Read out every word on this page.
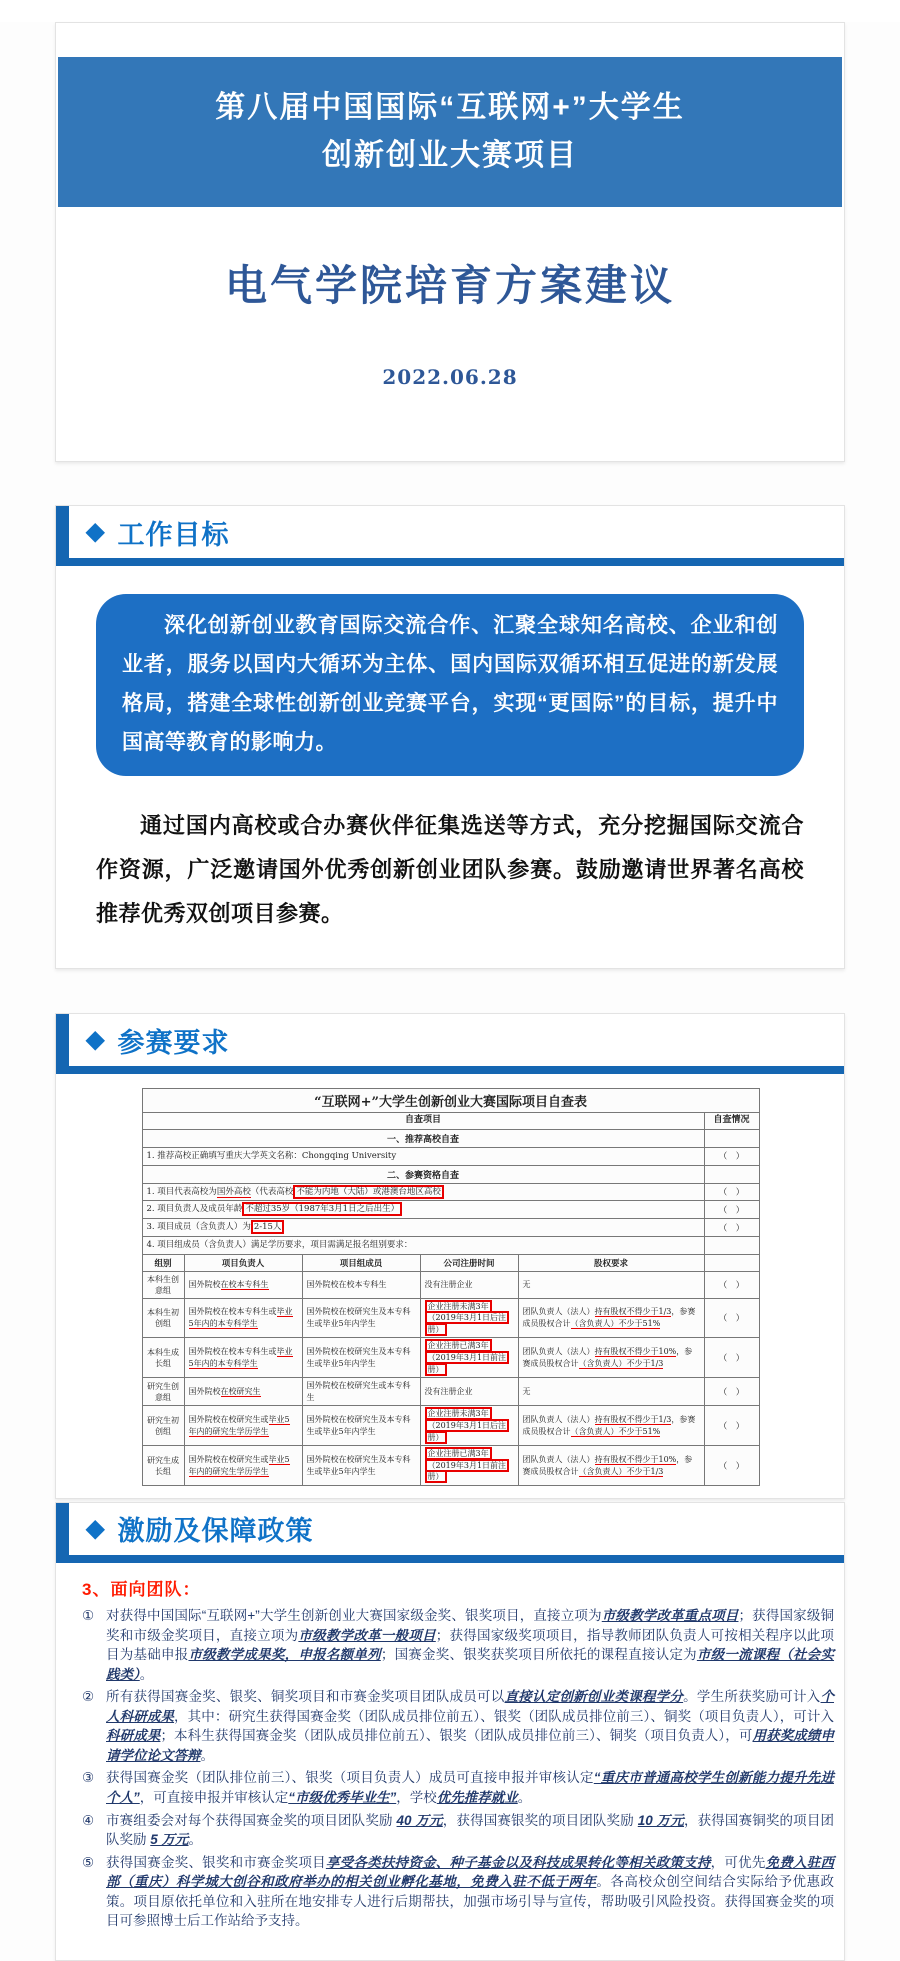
第八届中国国际“互联网+”大学生
创新创业大赛项目
电气学院培育方案建议
2022.06.28
◆ 工作目标

深化创新创业教育国际交流合作、汇聚全球知名高校、企业和创业者，服务以国内大循环为主体、国内国际双循环相互促进的新发展格局，搭建全球性创新创业竞赛平台，实现“更国际”的目标，提升中国高等教育的影响力。

通过国内高校或合办赛伙伴征集选送等方式，充分挖掘国际交流合作资源，广泛邀请国外优秀创新创业团队参赛。鼓励邀请世界著名高校推荐优秀双创项目参赛。

◆ 参赛要求
“互联网+”大学生创新创业大赛国际项目自查表					
自查项目					自查情况
一、推荐高校自查					
1. 推荐高校正确填写重庆大学英文名称：Chongqing University					（　）
二、参赛资格自查					
1. 项目代表高校为国外高校（代表高校 不能为内地（大陆）或港澳台地区高校					（　）
2. 项目负责人及成员年龄 不超过35岁（1987年3月1日之后出生）					（　）
3. 项目成员（含负责人）为 2-15人					（　）
4. 项目组成员（含负责人）满足学历要求，项目需满足报名组别要求：					
组别	项目负责人	项目组成员	公司注册时间	股权要求	
本科生创意组	国外院校在校本专科生	国外院校在校本专科生	没有注册企业	无	（　）
本科生初创组	国外院校在校本专科生或毕业5年内的本专科学生	国外院校在校研究生及本专科生或毕业5年内学生	企业注册未满3年（2019年3月1日后注册）	团队负责人（法人）持有股权不得少于1/3，参赛成员股权合计（含负责人）不少于51%	（　）
本科生成长组	国外院校在校本专科生或毕业5年内的本专科学生	国外院校在校研究生及本专科生或毕业5年内学生	企业注册已满3年（2019年3月1日前注册）	团队负责人（法人）持有股权不得少于10%，参赛成员股权合计（含负责人）不少于1/3	（　）
研究生创意组	国外院校在校研究生	国外院校在校研究生或本专科生	没有注册企业	无	（　）
研究生初创组	国外院校在校研究生或毕业5年内的研究生学历学生	国外院校在校研究生及本专科生或毕业5年内学生	企业注册未满3年（2019年3月1日后注册）	团队负责人（法人）持有股权不得少于1/3，参赛成员股权合计（含负责人）不少于51%	（　）
研究生成长组	国外院校在校研究生或毕业5年内的研究生学历学生	国外院校在校研究生及本专科生或毕业5年内学生	企业注册已满3年（2019年3月1日前注册）	团队负责人（法人）持有股权不得少于10%，参赛成员股权合计（含负责人）不少于1/3	（　）
◆ 激励及保障政策
3、面向团队：
① 对获得中国国际“互联网+”大学生创新创业大赛国家级金奖、银奖项目，直接立项为市级教学改革重点项目；获得国家级铜奖和市级金奖项目，直接立项为市级教学改革一般项目；获得国家级奖项项目，指导教师团队负责人可按相关程序以此项目为基础申报市级教学成果奖，申报名额单列；国赛金奖、银奖获奖项目所依托的课程直接认定为市级一流课程（社会实践类）。
② 所有获得国赛金奖、银奖、铜奖项目和市赛金奖项目团队成员可以直接认定创新创业类课程学分。学生所获奖励可计入个人科研成果，其中：研究生获得国赛金奖（团队成员排位前五）、银奖（团队成员排位前三）、铜奖（项目负责人），可计入科研成果；本科生获得国赛金奖（团队成员排位前五）、银奖（团队成员排位前三）、铜奖（项目负责人），可用获奖成绩申请学位论文答辩。
③ 获得国赛金奖（团队排位前三）、银奖（项目负责人）成员可直接申报并审核认定“重庆市普通高校学生创新能力提升先进个人”，可直接申报并审核认定“市级优秀毕业生”，学校优先推荐就业。
④ 市赛组委会对每个获得国赛金奖的项目团队奖励 40 万元，获得国赛银奖的项目团队奖励 10 万元，获得国赛铜奖的项目团队奖励 5 万元。
⑤ 获得国赛金奖、银奖和市赛金奖项目享受各类扶持资金、种子基金以及科技成果转化等相关政策支持，可优先免费入驻西部（重庆）科学城大创谷和政府举办的相关创业孵化基地，免费入驻不低于两年。各高校众创空间结合实际给予优惠政策。项目原依托单位和入驻所在地安排专人进行后期帮扶，加强市场引导与宣传，帮助吸引风险投资。获得国赛金奖的项目可参照博士后工作站给予支持。
